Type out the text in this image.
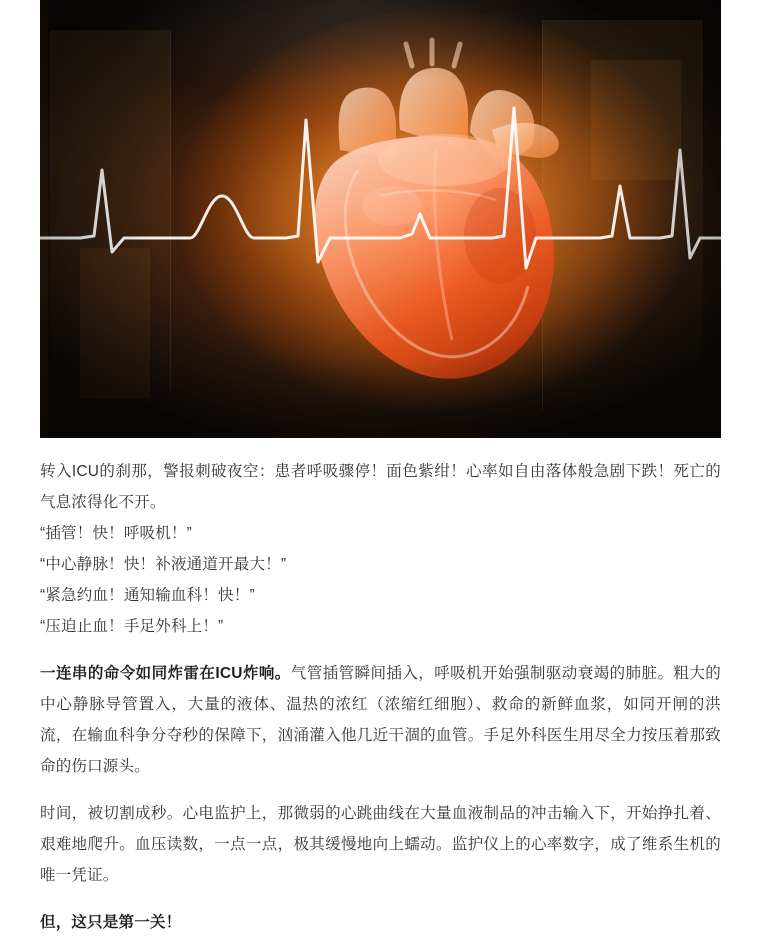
转入ICU的刹那，警报刺破夜空：患者呼吸骤停！面色紫绀！心率如自由落体般急剧下跌！死亡的气息浓得化不开。

“插管！快！呼吸机！”

“中心静脉！快！补液通道开最大！”

“紧急约血！通知输血科！快！”

“压迫止血！手足外科上！”

一连串的命令如同炸雷在ICU炸响。气管插管瞬间插入，呼吸机开始强制驱动衰竭的肺脏。粗大的中心静脉导管置入，大量的液体、温热的浓红（浓缩红细胞）、救命的新鲜血浆，如同开闸的洪流，在输血科争分夺秒的保障下，汹涌灌入他几近干涸的血管。手足外科医生用尽全力按压着那致命的伤口源头。

时间，被切割成秒。心电监护上，那微弱的心跳曲线在大量血液制品的冲击输入下，开始挣扎着、艰难地爬升。血压读数，一点一点，极其缓慢地向上蠕动。监护仪上的心率数字，成了维系生机的唯一凭证。

但，这只是第一关！
